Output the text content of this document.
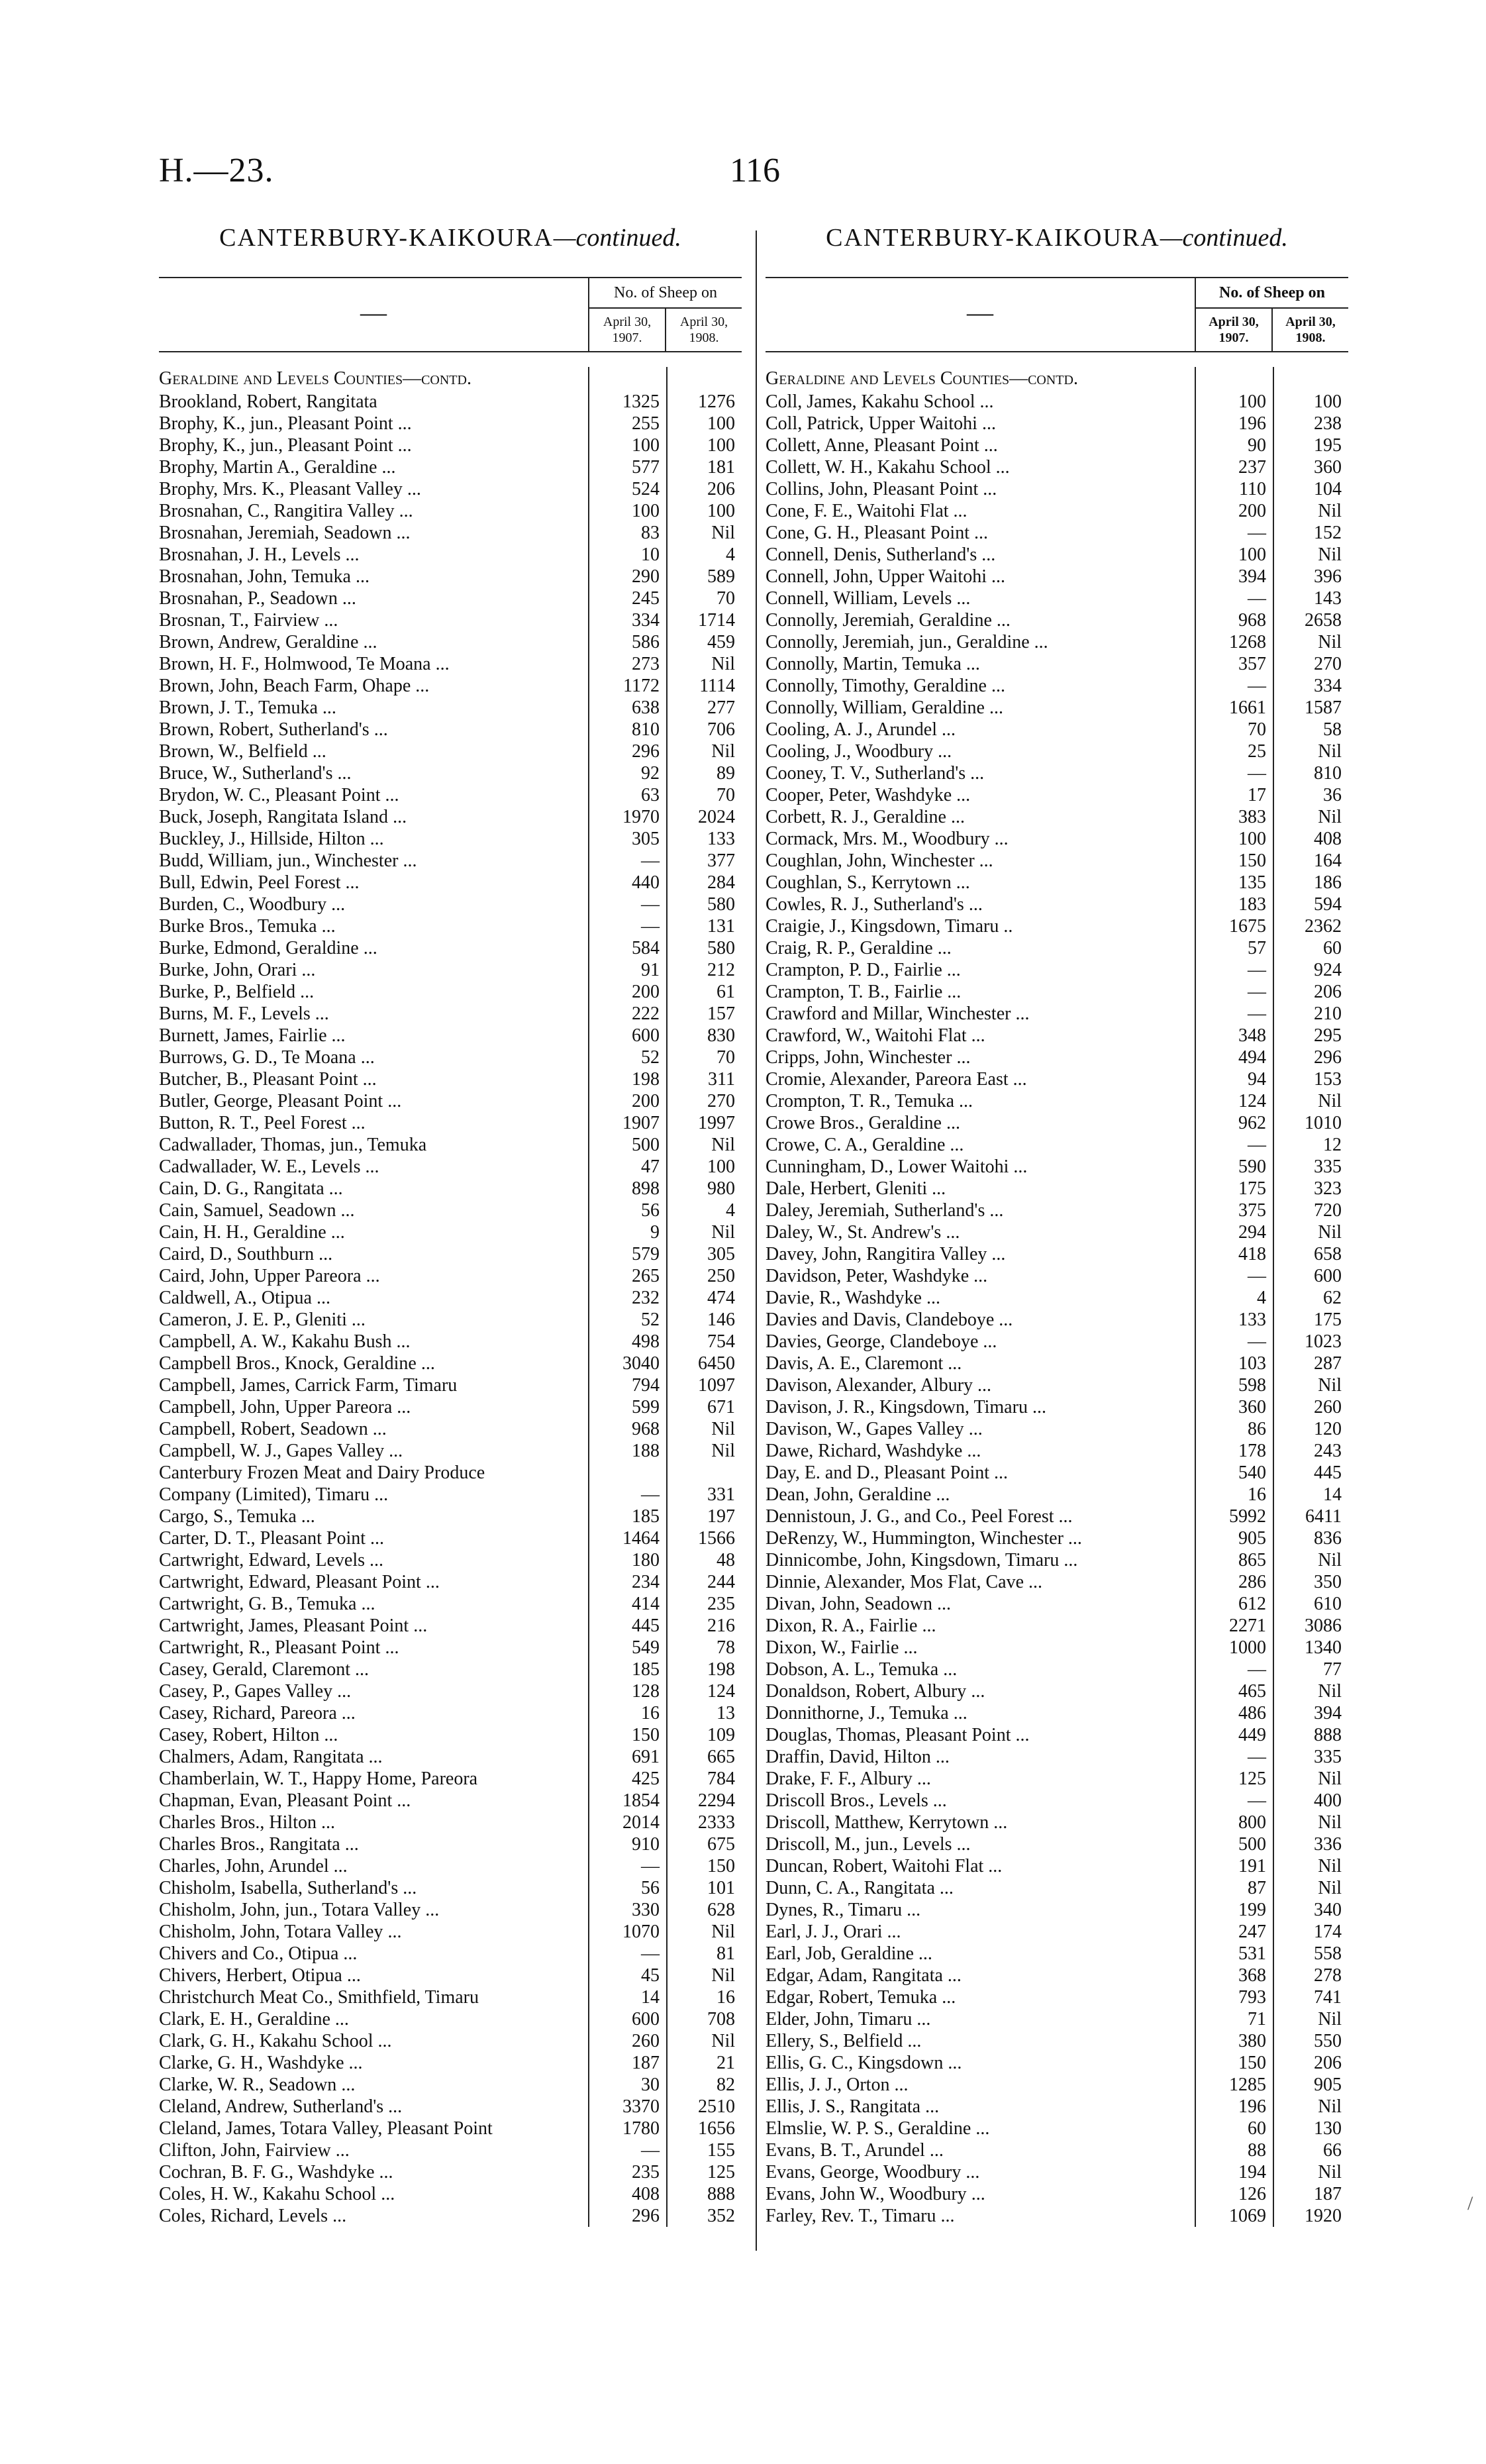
H.—23.	116
/
CANTERBURY-KAIKOURA—continued.
—
No. of Sheep on
April 30, 1907.
April 30, 1908.
Geraldine and Levels Counties—contd.
Brookland, Robert, Rangitata	1325	1276
Brophy, K., jun., Pleasant Point ...	255	100
Brophy, K., jun., Pleasant Point ...	100	100
Brophy, Martin A., Geraldine ...	577	181
Brophy, Mrs. K., Pleasant Valley ...	524	206
Brosnahan, C., Rangitira Valley ...	100	100
Brosnahan, Jeremiah, Seadown ...	83	Nil
Brosnahan, J. H., Levels ...	10	4
Brosnahan, John, Temuka ...	290	589
Brosnahan, P., Seadown ...	245	70
Brosnan, T., Fairview ...	334	1714
Brown, Andrew, Geraldine ...	586	459
Brown, H. F., Holmwood, Te Moana ...	273	Nil
Brown, John, Beach Farm, Ohape ...	1172	1114
Brown, J. T., Temuka ...	638	277
Brown, Robert, Sutherland's ...	810	706
Brown, W., Belfield ...	296	Nil
Bruce, W., Sutherland's ...	92	89
Brydon, W. C., Pleasant Point ...	63	70
Buck, Joseph, Rangitata Island ...	1970	2024
Buckley, J., Hillside, Hilton ...	305	133
Budd, William, jun., Winchester ...	—	377
Bull, Edwin, Peel Forest ...	440	284
Burden, C., Woodbury ...	—	580
Burke Bros., Temuka ...	—	131
Burke, Edmond, Geraldine ...	584	580
Burke, John, Orari ...	91	212
Burke, P., Belfield ...	200	61
Burns, M. F., Levels ...	222	157
Burnett, James, Fairlie ...	600	830
Burrows, G. D., Te Moana ...	52	70
Butcher, B., Pleasant Point ...	198	311
Butler, George, Pleasant Point ...	200	270
Button, R. T., Peel Forest ...	1907	1997
Cadwallader, Thomas, jun., Temuka	500	Nil
Cadwallader, W. E., Levels ...	47	100
Cain, D. G., Rangitata ...	898	980
Cain, Samuel, Seadown ...	56	4
Cain, H. H., Geraldine ...	9	Nil
Caird, D., Southburn ...	579	305
Caird, John, Upper Pareora ...	265	250
Caldwell, A., Otipua ...	232	474
Cameron, J. E. P., Gleniti ...	52	146
Campbell, A. W., Kakahu Bush ...	498	754
Campbell Bros., Knock, Geraldine ...	3040	6450
Campbell, James, Carrick Farm, Timaru	794	1097
Campbell, John, Upper Pareora ...	599	671
Campbell, Robert, Seadown ...	968	Nil
Campbell, W. J., Gapes Valley ...	188	Nil
Canterbury Frozen Meat and Dairy Produce
Company (Limited), Timaru ...	—	331
Cargo, S., Temuka ...	185	197
Carter, D. T., Pleasant Point ...	1464	1566
Cartwright, Edward, Levels ...	180	48
Cartwright, Edward, Pleasant Point ...	234	244
Cartwright, G. B., Temuka ...	414	235
Cartwright, James, Pleasant Point ...	445	216
Cartwright, R., Pleasant Point ...	549	78
Casey, Gerald, Claremont ...	185	198
Casey, P., Gapes Valley ...	128	124
Casey, Richard, Pareora ...	16	13
Casey, Robert, Hilton ...	150	109
Chalmers, Adam, Rangitata ...	691	665
Chamberlain, W. T., Happy Home, Pareora	425	784
Chapman, Evan, Pleasant Point ...	1854	2294
Charles Bros., Hilton ...	2014	2333
Charles Bros., Rangitata ...	910	675
Charles, John, Arundel ...	—	150
Chisholm, Isabella, Sutherland's ...	56	101
Chisholm, John, jun., Totara Valley ...	330	628
Chisholm, John, Totara Valley ...	1070	Nil
Chivers and Co., Otipua ...	—	81
Chivers, Herbert, Otipua ...	45	Nil
Christchurch Meat Co., Smithfield, Timaru	14	16
Clark, E. H., Geraldine ...	600	708
Clark, G. H., Kakahu School ...	260	Nil
Clarke, G. H., Washdyke ...	187	21
Clarke, W. R., Seadown ...	30	82
Cleland, Andrew, Sutherland's ...	3370	2510
Cleland, James, Totara Valley, Pleasant Point	1780	1656
Clifton, John, Fairview ...	—	155
Cochran, B. F. G., Washdyke ...	235	125
Coles, H. W., Kakahu School ...	408	888
Coles, Richard, Levels ...	296	352
CANTERBURY-KAIKOURA—continued.
—
No. of Sheep on
April 30, 1907.
April 30, 1908.
Geraldine and Levels Counties—contd.
Coll, James, Kakahu School ...	100	100
Coll, Patrick, Upper Waitohi ...	196	238
Collett, Anne, Pleasant Point ...	90	195
Collett, W. H., Kakahu School ...	237	360
Collins, John, Pleasant Point ...	110	104
Cone, F. E., Waitohi Flat ...	200	Nil
Cone, G. H., Pleasant Point ...	—	152
Connell, Denis, Sutherland's ...	100	Nil
Connell, John, Upper Waitohi ...	394	396
Connell, William, Levels ...	—	143
Connolly, Jeremiah, Geraldine ...	968	2658
Connolly, Jeremiah, jun., Geraldine ...	1268	Nil
Connolly, Martin, Temuka ...	357	270
Connolly, Timothy, Geraldine ...	—	334
Connolly, William, Geraldine ...	1661	1587
Cooling, A. J., Arundel ...	70	58
Cooling, J., Woodbury ...	25	Nil
Cooney, T. V., Sutherland's ...	—	810
Cooper, Peter, Washdyke ...	17	36
Corbett, R. J., Geraldine ...	383	Nil
Cormack, Mrs. M., Woodbury ...	100	408
Coughlan, John, Winchester ...	150	164
Coughlan, S., Kerrytown ...	135	186
Cowles, R. J., Sutherland's ...	183	594
Craigie, J., Kingsdown, Timaru ..	1675	2362
Craig, R. P., Geraldine ...	57	60
Crampton, P. D., Fairlie ...	—	924
Crampton, T. B., Fairlie ...	—	206
Crawford and Millar, Winchester ...	—	210
Crawford, W., Waitohi Flat ...	348	295
Cripps, John, Winchester ...	494	296
Cromie, Alexander, Pareora East ...	94	153
Crompton, T. R., Temuka ...	124	Nil
Crowe Bros., Geraldine ...	962	1010
Crowe, C. A., Geraldine ...	—	12
Cunningham, D., Lower Waitohi ...	590	335
Dale, Herbert, Gleniti ...	175	323
Daley, Jeremiah, Sutherland's ...	375	720
Daley, W., St. Andrew's ...	294	Nil
Davey, John, Rangitira Valley ...	418	658
Davidson, Peter, Washdyke ...	—	600
Davie, R., Washdyke ...	4	62
Davies and Davis, Clandeboye ...	133	175
Davies, George, Clandeboye ...	—	1023
Davis, A. E., Claremont ...	103	287
Davison, Alexander, Albury ...	598	Nil
Davison, J. R., Kingsdown, Timaru ...	360	260
Davison, W., Gapes Valley ...	86	120
Dawe, Richard, Washdyke ...	178	243
Day, E. and D., Pleasant Point ...	540	445
Dean, John, Geraldine ...	16	14
Dennistoun, J. G., and Co., Peel Forest ...	5992	6411
DeRenzy, W., Hummington, Winchester ...	905	836
Dinnicombe, John, Kingsdown, Timaru ...	865	Nil
Dinnie, Alexander, Mos Flat, Cave ...	286	350
Divan, John, Seadown ...	612	610
Dixon, R. A., Fairlie ...	2271	3086
Dixon, W., Fairlie ...	1000	1340
Dobson, A. L., Temuka ...	—	77
Donaldson, Robert, Albury ...	465	Nil
Donnithorne, J., Temuka ...	486	394
Douglas, Thomas, Pleasant Point ...	449	888
Draffin, David, Hilton ...	—	335
Drake, F. F., Albury ...	125	Nil
Driscoll Bros., Levels ...	—	400
Driscoll, Matthew, Kerrytown ...	800	Nil
Driscoll, M., jun., Levels ...	500	336
Duncan, Robert, Waitohi Flat ...	191	Nil
Dunn, C. A., Rangitata ...	87	Nil
Dynes, R., Timaru ...	199	340
Earl, J. J., Orari ...	247	174
Earl, Job, Geraldine ...	531	558
Edgar, Adam, Rangitata ...	368	278
Edgar, Robert, Temuka ...	793	741
Elder, John, Timaru ...	71	Nil
Ellery, S., Belfield ...	380	550
Ellis, G. C., Kingsdown ...	150	206
Ellis, J. J., Orton ...	1285	905
Ellis, J. S., Rangitata ...	196	Nil
Elmslie, W. P. S., Geraldine ...	60	130
Evans, B. T., Arundel ...	88	66
Evans, George, Woodbury ...	194	Nil
Evans, John W., Woodbury ...	126	187
Farley, Rev. T., Timaru ...	1069	1920
